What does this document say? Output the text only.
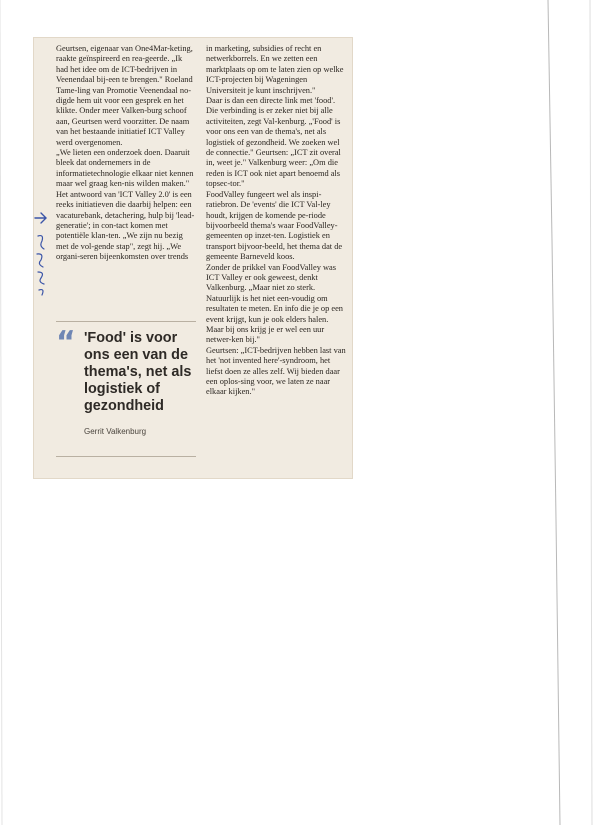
Geurtsen, eigenaar van One4Mar-keting, raakte geïnspireerd en rea-geerde. „Ik had het idee om de ICT-bedrijven in Veenendaal bij-een te brengen." Roeland Tame-ling van Promotie Veenendaal no-digde hem uit voor een gesprek en het klikte. Onder meer Valken-burg schoof aan, Geurtsen werd voorzitter. De naam van het bestaande initiatief ICT Valley werd overgenomen.

„We lieten een onderzoek doen. Daaruit bleek dat ondernemers in de informatietechnologie elkaar niet kennen maar wel graag ken-nis wilden maken." Het antwoord van 'ICT Valley 2.0' is een reeks initiatieven die daarbij helpen: een vacaturebank, detachering, hulp bij 'lead-generatie'; in con-tact komen met potentiële klan-ten. „We zijn nu bezig met de vol-gende stap", zegt hij. „We organi-seren bijeenkomsten over trends

in marketing, subsidies of recht en netwerkborrels. En we zetten een marktplaats op om te laten zien op welke ICT-projecten bij Wageningen Universiteit je kunt inschrijven."

Daar is dan een directe link met 'food'. Die verbinding is er zeker niet bij alle activiteiten, zegt Val-kenburg. „'Food' is voor ons een van de thema's, net als logistiek of gezondheid. We zoeken wel de connectie." Geurtsen: „ICT zit overal in, weet je." Valkenburg weer: „Om die reden is ICT ook niet apart benoemd als topsec-tor."

FoodValley fungeert wel als inspi-ratiebron. De 'events' die ICT Val-ley houdt, krijgen de komende pe-riode bijvoorbeeld thema's waar FoodValley-gemeenten op inzet-ten. Logistiek en transport bijvoor-beeld, het thema dat de gemeente Barneveld koos.

Zonder de prikkel van FoodValley was ICT Valley er ook geweest, denkt Valkenburg. „Maar niet zo sterk. Natuurlijk is het niet een-voudig om resultaten te meten. En info die je op een event krijgt, kun je ook elders halen. Maar bij ons krijg je er wel een uur netwer-ken bij."

Geurtsen: „ICT-bedrijven hebben last van het 'not invented here'-syndroom, het liefst doen ze alles zelf. Wij bieden daar een oplos-sing voor, we laten ze naar elkaar kijken."

“ 'Food' is voor ons een van de thema's, net als logistiek of gezondheid
Gerrit Valkenburg
